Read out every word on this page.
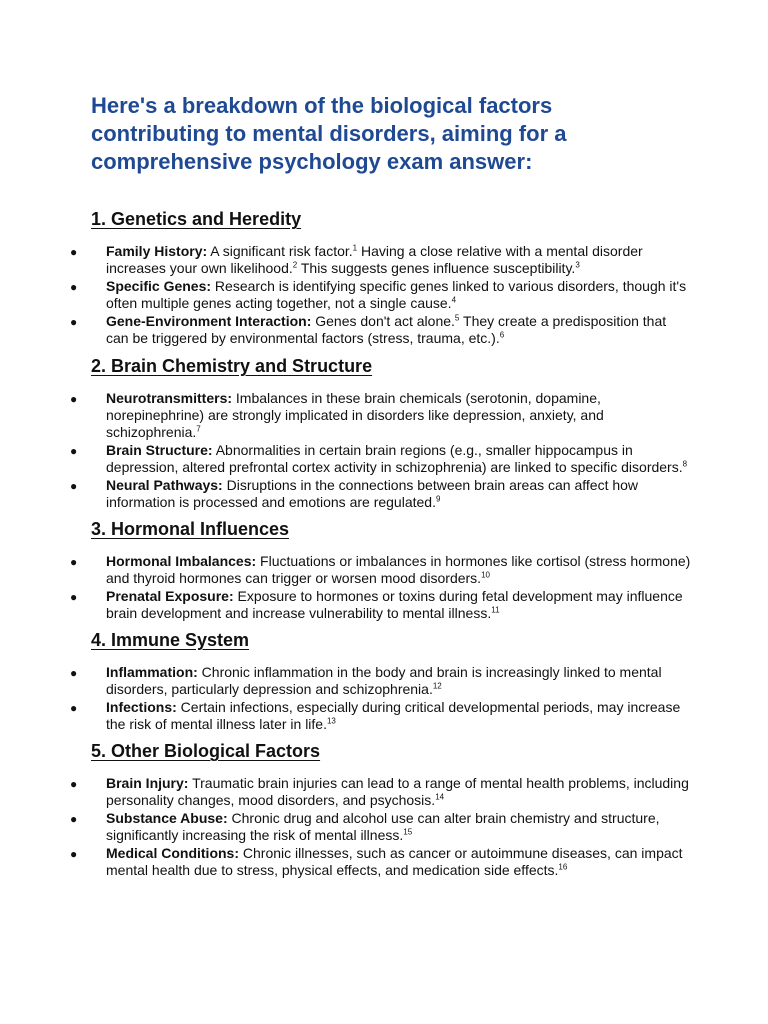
Here's a breakdown of the biological factors contributing to mental disorders, aiming for a comprehensive psychology exam answer:
1. Genetics and Heredity
● Family History: A significant risk factor.$^1$ Having a close relative with a mental disorder increases your own likelihood.$^2$ This suggests genes influence susceptibility.$^3$
● Specific Genes: Research is identifying specific genes linked to various disorders, though it's often multiple genes acting together, not a single cause.$^4$
● Gene-Environment Interaction: Genes don't act alone.$^5$ They create a predisposition that can be triggered by environmental factors (stress, trauma, etc.).$^6$
2. Brain Chemistry and Structure
● Neurotransmitters: Imbalances in these brain chemicals (serotonin, dopamine, norepinephrine) are strongly implicated in disorders like depression, anxiety, and schizophrenia.$^7$
● Brain Structure: Abnormalities in certain brain regions (e.g., smaller hippocampus in depression, altered prefrontal cortex activity in schizophrenia) are linked to specific disorders.$^8$
● Neural Pathways: Disruptions in the connections between brain areas can affect how information is processed and emotions are regulated.$^9$
3. Hormonal Influences
● Hormonal Imbalances: Fluctuations or imbalances in hormones like cortisol (stress hormone) and thyroid hormones can trigger or worsen mood disorders.$^{10}$
● Prenatal Exposure: Exposure to hormones or toxins during fetal development may influence brain development and increase vulnerability to mental illness.$^{11}$
4. Immune System
● Inflammation: Chronic inflammation in the body and brain is increasingly linked to mental disorders, particularly depression and schizophrenia.$^{12}$
● Infections: Certain infections, especially during critical developmental periods, may increase the risk of mental illness later in life.$^{13}$
5. Other Biological Factors
● Brain Injury: Traumatic brain injuries can lead to a range of mental health problems, including personality changes, mood disorders, and psychosis.$^{14}$
● Substance Abuse: Chronic drug and alcohol use can alter brain chemistry and structure, significantly increasing the risk of mental illness.$^{15}$
● Medical Conditions: Chronic illnesses, such as cancer or autoimmune diseases, can impact mental health due to stress, physical effects, and medication side effects.$^{16}$
